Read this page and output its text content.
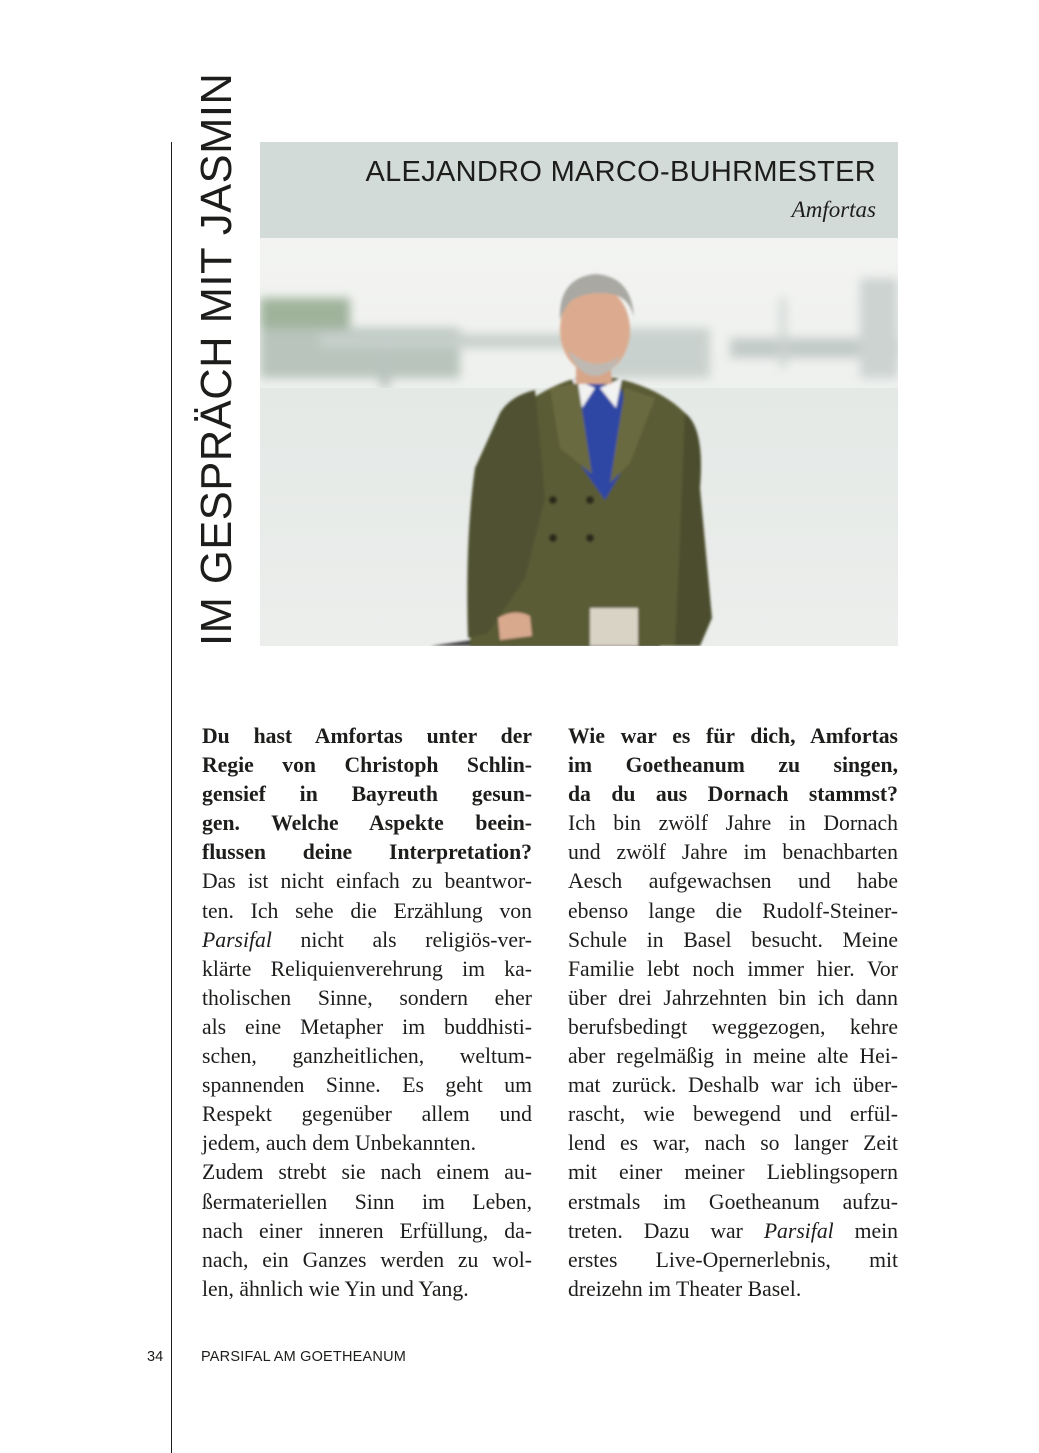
IM GESPRÄCH MIT JASMIN	ALEJANDRO MARCO-BUHRMESTER
Amfortas
Du hast Amfortas unter der
Regie von Christoph Schlin-
gensief in Bayreuth gesun-
gen. Welche Aspekte beein-
flussen deine Interpretation?
Das ist nicht einfach zu beantwor-
ten. Ich sehe die Erzählung von
Parsifal nicht als religiös-ver-
klärte Reliquienverehrung im ka-
tholischen Sinne, sondern eher
als eine Metapher im buddhisti-
schen, ganzheitlichen, weltum-
spannenden Sinne. Es geht um
Respekt gegenüber allem und
jedem, auch dem Unbekannten.
Zudem strebt sie nach einem au-
ßermateriellen Sinn im Leben,
nach einer inneren Erfüllung, da-
nach, ein Ganzes werden zu wol-
len, ähnlich wie Yin und Yang.
Wie war es für dich, Amfortas
im Goetheanum zu singen,
da du aus Dornach stammst?
Ich bin zwölf Jahre in Dornach
und zwölf Jahre im benachbarten
Aesch aufgewachsen und habe
ebenso lange die Rudolf-Steiner-
Schule in Basel besucht. Meine
Familie lebt noch immer hier. Vor
über drei Jahrzehnten bin ich dann
berufsbedingt weggezogen, kehre
aber regelmäßig in meine alte Hei-
mat zurück. Deshalb war ich über-
rascht, wie bewegend und erfül-
lend es war, nach so langer Zeit
mit einer meiner Lieblingsopern
erstmals im Goetheanum aufzu-
treten. Dazu war Parsifal mein
erstes Live-Opernerlebnis, mit
dreizehn im Theater Basel.
34	PARSIFAL AM GOETHEANUM
